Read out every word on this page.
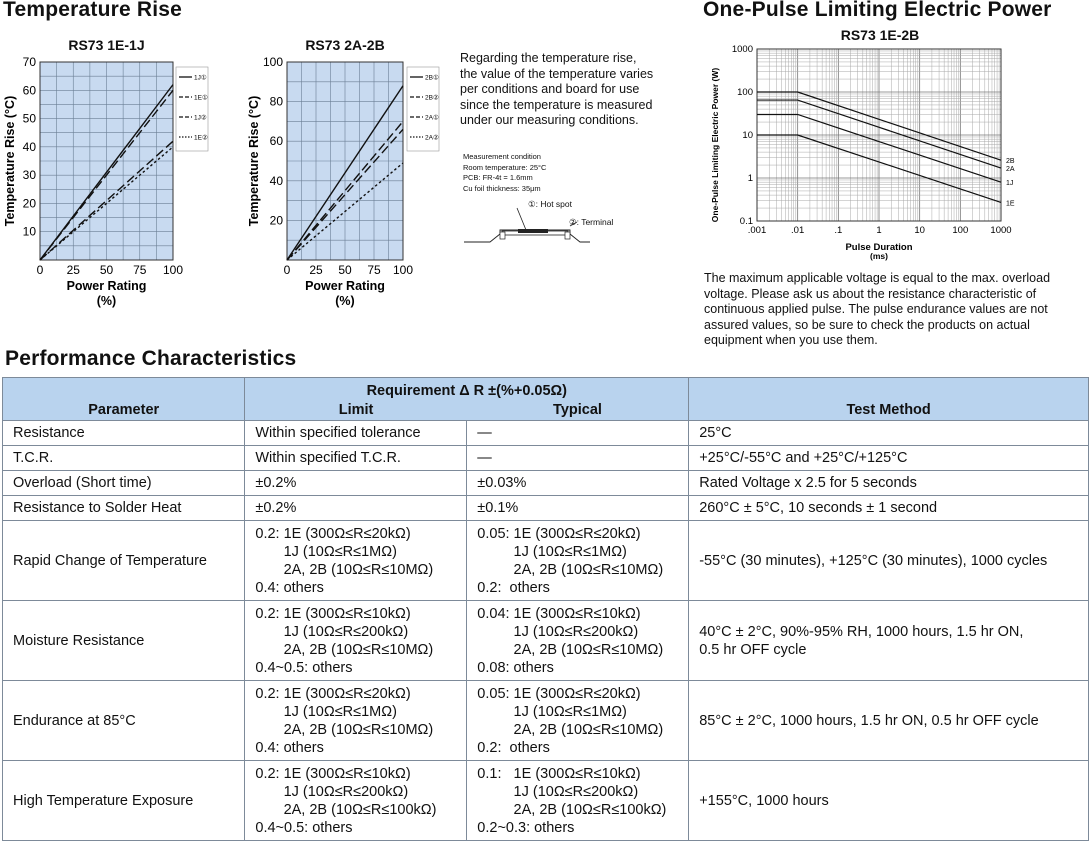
Temperature Rise
RS73 1E-1J	RS73 2A-2B
0 25 50 75 100
10
20
30
40
50
60
70
Power Rating
(%)
Temperature Rise (°C)
1J①
1E①
1J②
1E②
0 25 50 75 100
20
40
60
80
100
Power Rating
(%)
Temperature Rise (°C)
2B①
2B②
2A①
2A②
Regarding the temperature rise,
the value of the temperature varies
per conditions and board for use
since the temperature is measured
under our measuring conditions.
Measurement condition
Room temperature: 25°C
PCB: FR-4t = 1.6mm
Cu foil thickness: 35μm
①: Hot spot
②: Terminal
One-Pulse Limiting Electric Power
RS73 1E-2B
.001	.01	.1	1	10	100 1000
0.1
1
10
100
1000
Pulse Duration
(ms)
One-Pulse Limiting Electric Power (W)	2B
2A
1J
1E
The maximum applicable voltage is equal to the max. overload
voltage. Please ask us about the resistance characteristic of
continuous applied pulse. The pulse endurance values are not
assured values, so be sure to check the products on actual
equipment when you use them.
Performance Characteristics
	Requirement Δ R ±(%+0.05Ω)		
Parameter	Limit	Typical	Test Method
Resistance	Within specified tolerance	—	25°C
T.C.R.	Within specified T.C.R.	—	+25°C/-55°C and +25°C/+125°C
Overload (Short time)	±0.2%	±0.03%	Rated Voltage x 2.5 for 5 seconds
Resistance to Solder Heat	±0.2%	±0.1%	260°C ± 5°C, 10 seconds ± 1 second
Rapid Change of Temperature	0.2: 1E (300Ω≤R≤20kΩ)
1J (10Ω≤R≤1MΩ)
2A, 2B (10Ω≤R≤10MΩ)
0.4: others	0.05: 1E (300Ω≤R≤20kΩ)
1J (10Ω≤R≤1MΩ)
2A, 2B (10Ω≤R≤10MΩ)
0.2:  others	-55°C (30 minutes), +125°C (30 minutes), 1000 cycles
Moisture Resistance	0.2: 1E (300Ω≤R≤10kΩ)
1J (10Ω≤R≤200kΩ)
2A, 2B (10Ω≤R≤10MΩ)
0.4~0.5: others	0.04: 1E (300Ω≤R≤10kΩ)
1J (10Ω≤R≤200kΩ)
2A, 2B (10Ω≤R≤10MΩ)
0.08: others	40°C ± 2°C, 90%-95% RH, 1000 hours, 1.5 hr ON,
0.5 hr OFF cycle
Endurance at 85°C	0.2: 1E (300Ω≤R≤20kΩ)
1J (10Ω≤R≤1MΩ)
2A, 2B (10Ω≤R≤10MΩ)
0.4: others	0.05: 1E (300Ω≤R≤20kΩ)
1J (10Ω≤R≤1MΩ)
2A, 2B (10Ω≤R≤10MΩ)
0.2:  others	85°C ± 2°C, 1000 hours, 1.5 hr ON, 0.5 hr OFF cycle
High Temperature Exposure	0.2: 1E (300Ω≤R≤10kΩ)
1J (10Ω≤R≤200kΩ)
2A, 2B (10Ω≤R≤100kΩ)
0.4~0.5: others	0.1:   1E (300Ω≤R≤10kΩ)
1J (10Ω≤R≤200kΩ)
2A, 2B (10Ω≤R≤100kΩ)
0.2~0.3: others	+155°C, 1000 hours
